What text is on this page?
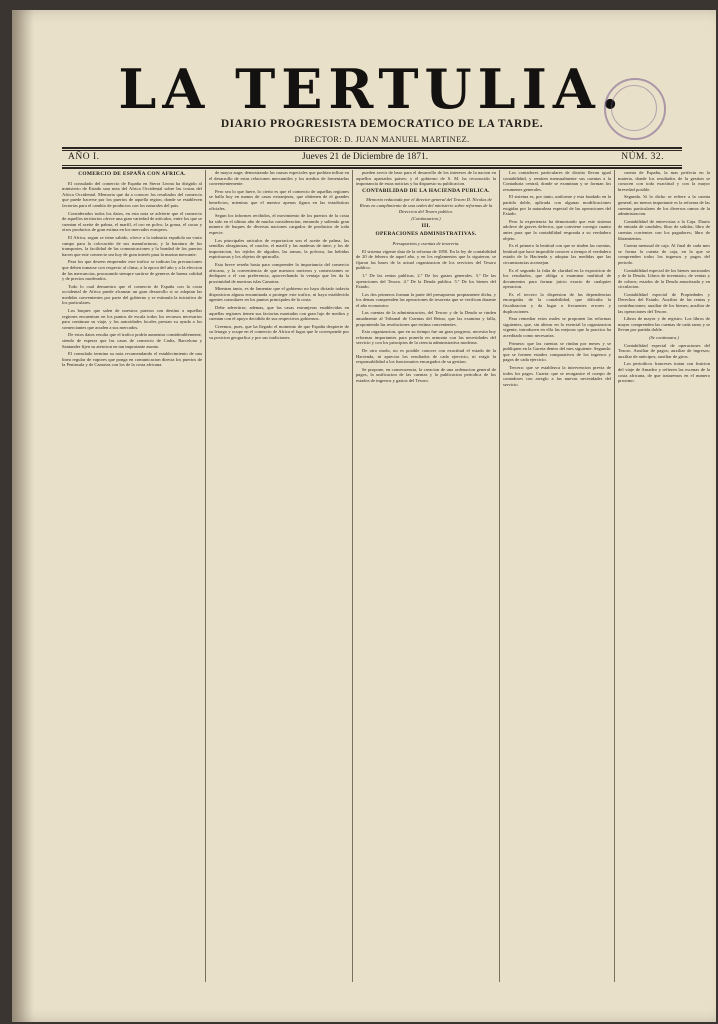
LA TERTULIA.
DIARIO PROGRESISTA DEMOCRATICO DE LA TARDE.
DIRECTOR: D. JUAN MANUEL MARTINEZ.
AÑO I.	Jueves 21 de Diciembre de 1871.	NÚM. 32.
COMERCIO DE ESPAÑA CON AFRICA.

El consulado del comercio de España en Sierra Leona ha dirigido al ministerio de Estado una nota del Africa Occidental sobre las costas del Africa Occidental. Memoria que da a conocer los resultados del comercio que puede hacerse por los puertos de aquella region, donde se establecen factorias para el cambio de productos con los naturales del pais.

Considerados todos los datos, en esta nota se advierte que el comercio de aquellos territorios ofrece una gran variedad de artículos, entre los que se cuentan el aceite de palma, el marfil, el oro en polvo, la goma, el cacao y otros productos de gran estima en los mercados europeos.

El Africa, segun se tiene sabido, ofrece a la industria española un vasto campo para la colocación de sus manufacturas; y la baratura de los transportes, la facilidad de las comunicaciones y la bondad de los puertos hacen que este comercio sea hoy de gran interés para la marina mercante.

Para los que deseen emprender este trafico se indican las precauciones que deben tomarse con respecto al clima, a la epoca del año y a la eleccion de las mercancias, procurando siempre surtirse de generos de buena calidad y de precios moderados.

Todo lo cual demuestra que el comercio de España con la costa occidental de Africa puede alcanzar un gran desarrollo si se adoptan las medidas convenientes por parte del gobierno y se estimula la iniciativa de los particulares.

Los buques que salen de nuestros puertos con destino a aquellas regiones encuentran en los puntos de escala todos los recursos necesarios para continuar su viaje, y las autoridades locales prestan su ayuda a los comerciantes que acuden a sus mercados.

De estos datos resulta que el trafico podría aumentar considerablemente, siendo de esperar que las casas de comercio de Cadiz, Barcelona y Santander fijen su atencion en tan importante asunto.

El consulado termina su nota recomendando el establecimiento de una linea regular de vapores que ponga en comunicacion directa los puertos de la Peninsula y de Canarias con los de la costa africana.

de mayor auge; demostrando las causas especiales que podrían influir en el desarrollo de estas relaciones mercantiles y los medios de fomentarlas convenientemente.

Pero sea lo que fuere, lo cierto es que el comercio de aquellas regiones se halla hoy en manos de casas extranjeras, que obtienen de el grandes beneficios, mientras que el nuestro apenas figura en las estadisticas oficiales.

Segun los informes recibidos, el movimiento de los puertos de la costa ha sido en el ultimo año de mucha consideracion, entrando y saliendo gran numero de buques de diversas naciones cargados de productos de toda especie.

Los principales articulos de exportacion son el aceite de palma, las semillas oleaginosas, el caucho, el marfil y las maderas de tinte; y los de importacion, los tejidos de algodon, las armas, la polvora, las bebidas espirituosas y los objetos de quincalla.

Esta breve reseña basta para comprender la importancia del comercio africano, y la conveniencia de que nuestros navieros y comerciantes se dediquen a el con preferencia, aprovechando la ventaja que les da la proximidad de nuestras islas Canarias.

Mientras tanto, es de lamentar que el gobierno no haya dictado todavia disposicion alguna encaminada a proteger este trafico, ni haya establecido agentes consulares en los puntos principales de la costa.

Debe advertirse, ademas, que las casas extranjeras establecidas en aquellas regiones tienen sus factorias montadas con gran lujo de medios y cuentan con el apoyo decidido de sus respectivos gobiernos.

Creemos, pues, que ha llegado el momento de que España despierte de su letargo y ocupe en el comercio de Africa el lugar que le corresponde por su posicion geografica y por sus tradiciones.

pueden servir de base para el desarrollo de los intereses de la nacion en aquellos apartados paises; y el gobierno de S. M. ha reconocido la importancia de estas noticias y ha dispuesto su publicacion.

CONTABILIDAD DE LA HACIENDA PUBLICA.

Memoria redactada por el director general del Tesoro D. Nicolas de Rivas en cumplimiento de una orden del ministerio sobre reformas de la Direccion del Tesoro publico.

(Continuacion.)
III.
OPERACIONES ADMINISTRATIVAS.
Presupuestos y cuentas de tesoreria.

El sistema vigente data de la reforma de 1850. En la ley de contabilidad de 20 de febrero de aquel año, y en los reglamentos que la siguieron, se fijaron las bases de la actual organizacion de los servicios del Tesoro publico.

1.º De las rentas publicas. 2.º De los gastos generales. 3.º De las operaciones del Tesoro. 4.º De la Deuda publica. 5.º De los bienes del Estado.

Los dos primeros forman la parte del presupuesto propiamente dicha, y los demas comprenden las operaciones de tesoreria que se verifican durante el año economico.

Las cuentas de la administracion, del Tesoro y de la Deuda se rinden anualmente al Tribunal de Cuentas del Reino, que las examina y falla, proponiendo las resoluciones que estima convenientes.

Esta organizacion, que en su tiempo fue un gran progreso, necesita hoy reformas importantes para ponerla en armonia con las necesidades del servicio y con los principios de la ciencia administrativa moderna.

De otro modo, no es posible conocer con exactitud el estado de la Hacienda, ni apreciar los resultados de cada ejercicio, ni exigir la responsabilidad a los funcionarios encargados de su gestion.

Se propone, en consecuencia, la creacion de una ordenacion general de pagos, la unificacion de las cuentas y la publicacion periodica de los estados de ingresos y gastos del Tesoro.

Los contadores particulares de distrito llevan igual contabilidad, y remiten mensualmente sus cuentas a la Contaduria central, donde se examinan y se forman los resumenes generales.

El sistema es, por tanto, uniforme y esta fundado en la partida doble, aplicada con algunas modificaciones exigidas por la naturaleza especial de las operaciones del Estado.

Pero la experiencia ha demostrado que este sistema adolece de graves defectos, que conviene corregir cuanto antes para que la contabilidad responda a su verdadero objeto.

Es el primero la lentitud con que se rinden las cuentas, lentitud que hace imposible conocer a tiempo el verdadero estado de la Hacienda y adoptar las medidas que las circunstancias aconsejan.

Es el segundo la falta de claridad en la exposicion de los resultados, que obliga a examinar multitud de documentos para formar juicio exacto de cualquier operacion.

Es el tercero la dispersion de las dependencias encargadas de la contabilidad, que dificulta la fiscalizacion y da lugar a frecuentes errores y duplicaciones.

Para remediar estos males se proponen las reformas siguientes, que, sin alterar en lo esencial la organizacion vigente, introducen en ella las mejoras que la practica ha acreditado como necesarias.

Primera: que las cuentas se rindan por meses y se publiquen en la Gaceta dentro del mes siguiente. Segunda: que se formen estados comparativos de los ingresos y pagos de cada ejercicio.

Tercera: que se establezca la intervencion previa de todos los pagos. Cuarta: que se reorganice el cuerpo de contadores con arreglo a las nuevas necesidades del servicio.

cuenta de España, la mas perfecta en la materia, donde los resultados de la gestion se conocen con toda exactitud y con la mayor brevedad posible.

Segunda. Si lo dicho se refiere a la cuenta general, no menos importante es la reforma de las cuentas particulares de los diversos ramos de la administracion.

Contabilidad de entrevistas a la Caja. Diario de entrada de caudales; libro de salidas; libro de cuentas corrientes con los pagadores; libro de libramientos.

Cuenta mensual de caja. Al final de cada mes se forma la cuenta de caja, en la que se comprenden todos los ingresos y pagos del periodo.

Contabilidad especial de los bienes nacionales y de la Deuda. Libros de inventario, de ventas y de cobros; estados de la Deuda amortizada y en circulacion.

Contabilidad especial de Propiedades y Derechos del Estado. Auxiliar de las rentas y contribuciones; auxiliar de los bienes; auxiliar de las operaciones del Tesoro.

Libros de mayor y de registro. Los libros de mayor comprenden las cuentas de cada ramo y se llevan por partida doble.

(Se continuara.)

Contabilidad especial de operaciones del Tesoro. Auxiliar de pagos; auxiliar de ingresos; auxiliar de anticipos; auxiliar de giros.

Los periodicos franceses tratan con fruicion del viaje de Amadeo y refieren las escenas de la costa africana, de que trataremos en el numero proximo.
